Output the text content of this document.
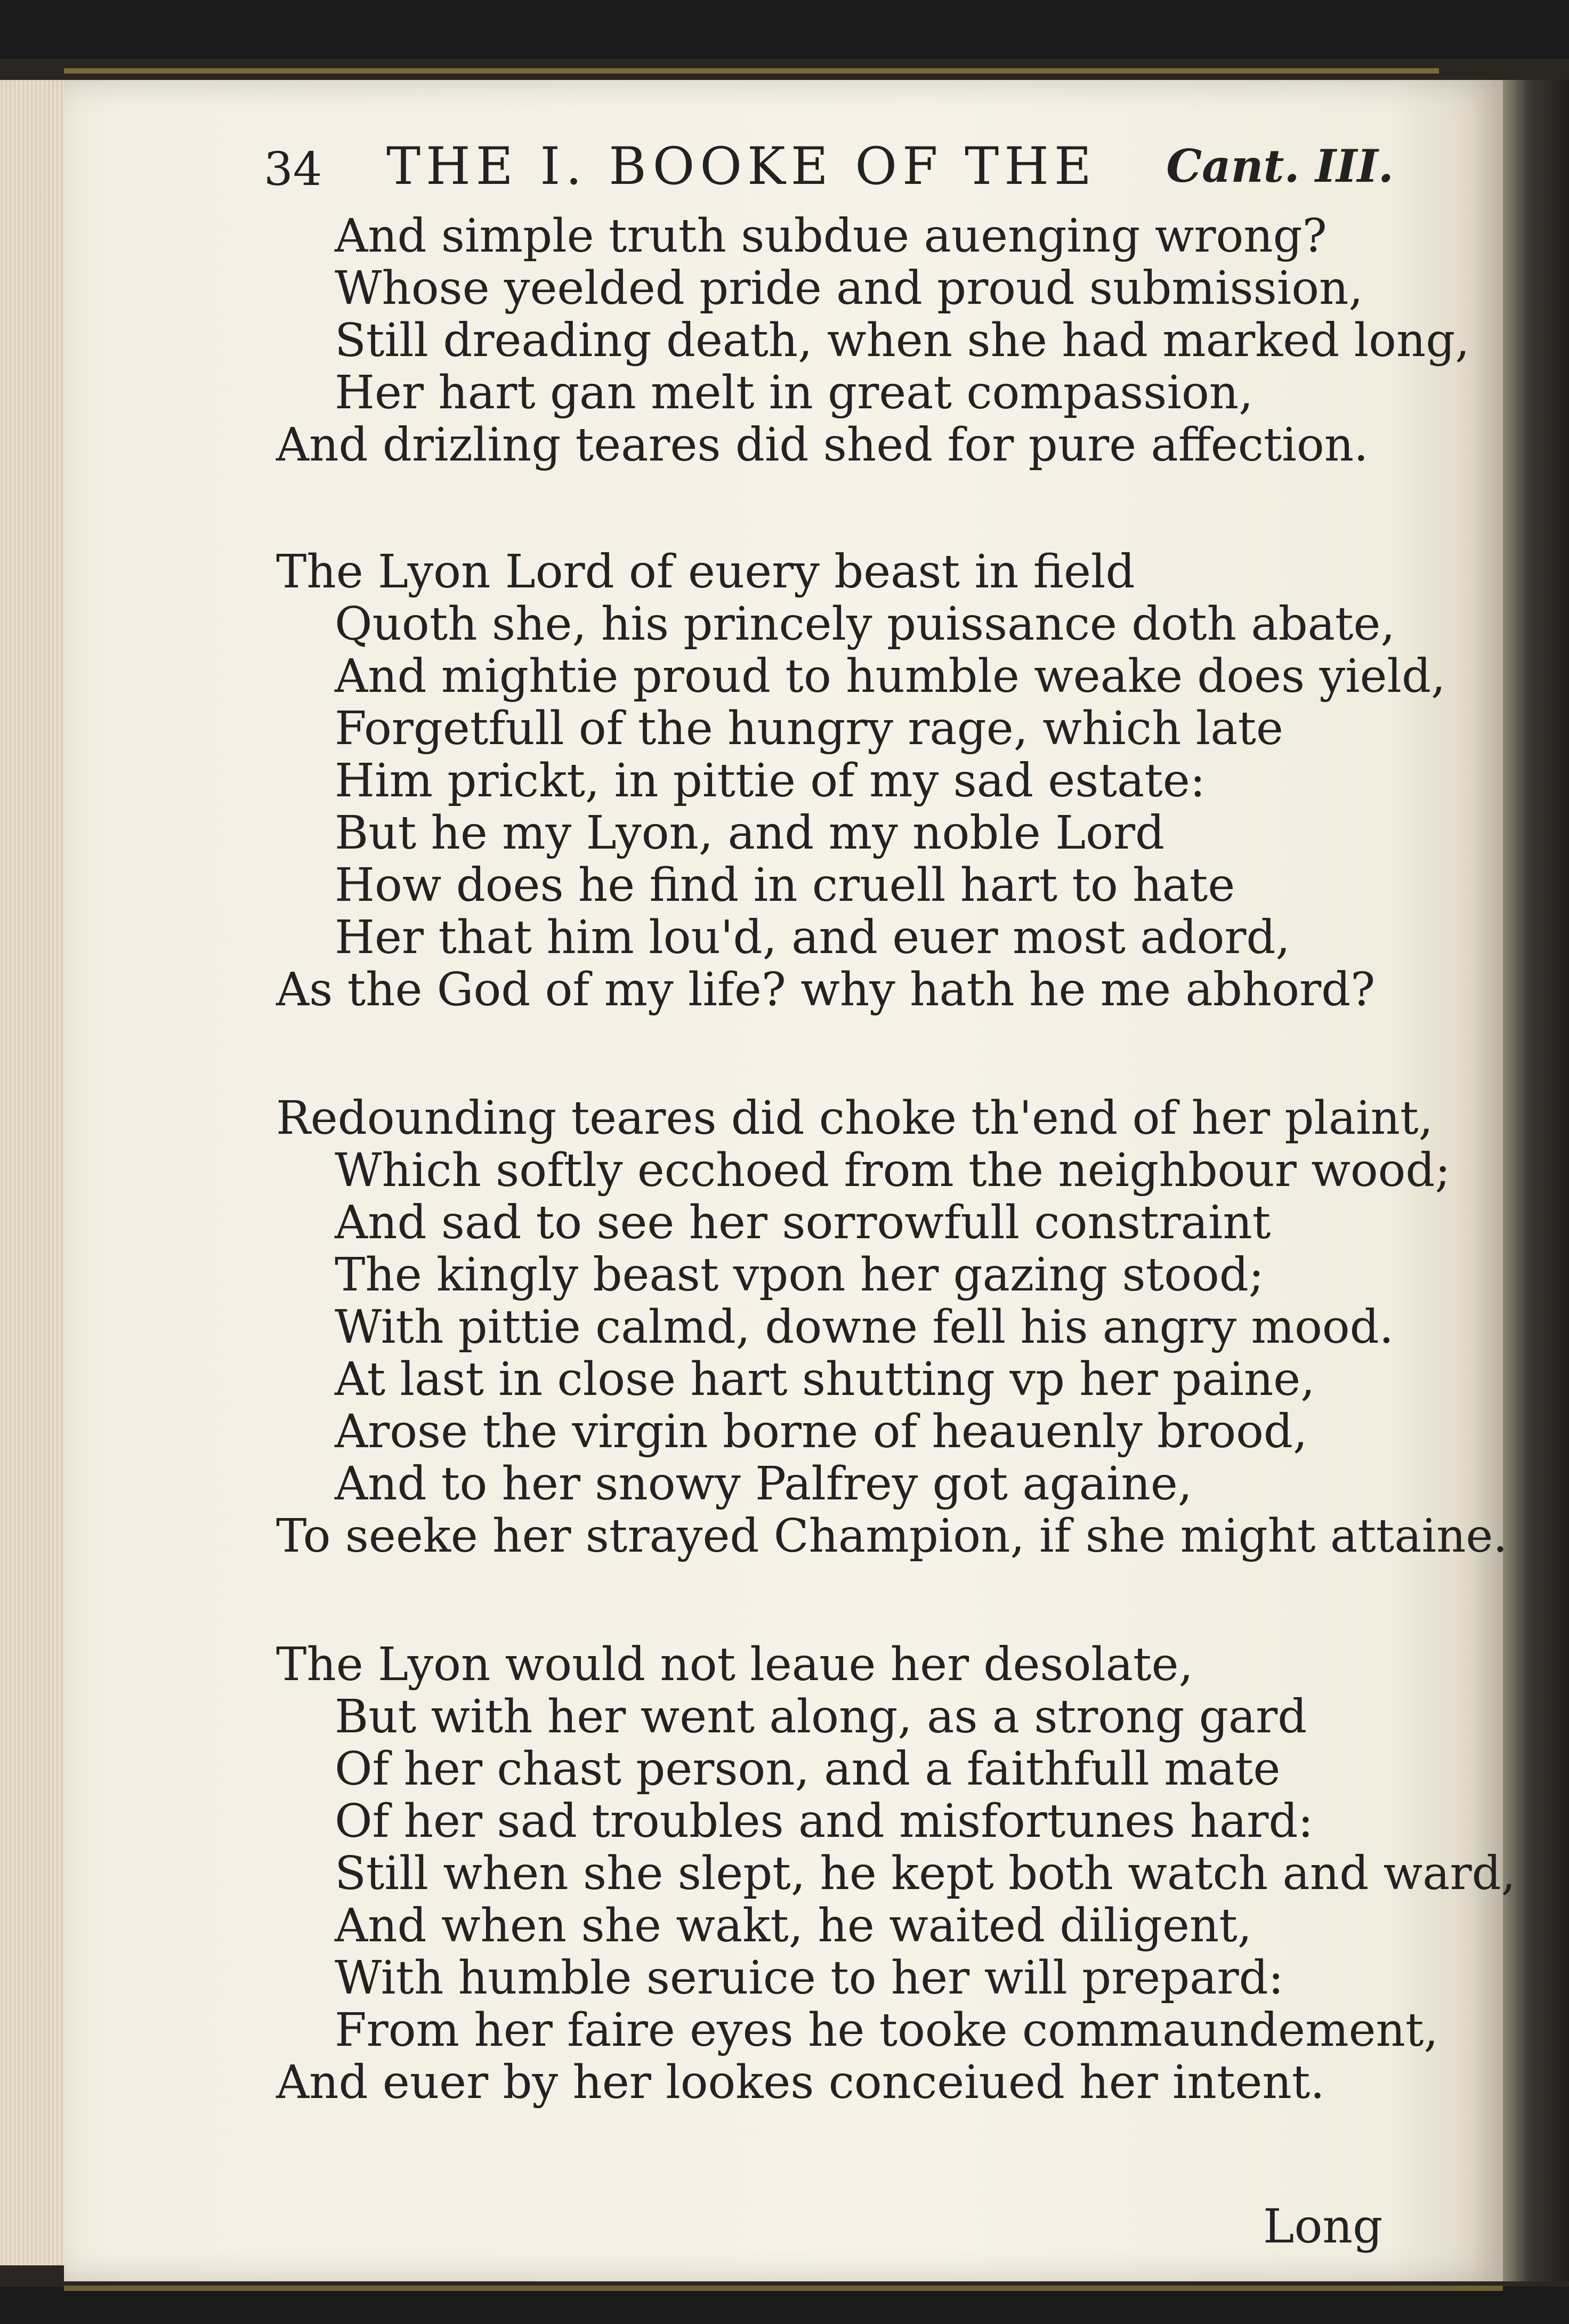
34 THE I. BOOKE OF THE Cant. III.
And simple truth subdue auenging wrong?
Whose yeelded pride and proud submission,
Still dreading death, when she had marked long,
Her hart gan melt in great compassion,
And drizling teares did shed for pure affection.
The Lyon Lord of euery beast in field
Quoth she, his princely puissance doth abate,
And mightie proud to humble weake does yield,
Forgetfull of the hungry rage, which late
Him prickt, in pittie of my sad estate:
But he my Lyon, and my noble Lord
How does he find in cruell hart to hate
Her that him lou'd, and euer most adord,
As the God of my life? why hath he me abhord?
Redounding teares did choke th'end of her plaint,
Which softly ecchoed from the neighbour wood;
And sad to see her sorrowfull constraint
The kingly beast vpon her gazing stood;
With pittie calmd, downe fell his angry mood.
At last in close hart shutting vp her paine,
Arose the virgin borne of heauenly brood,
And to her snowy Palfrey got againe,
To seeke her strayed Champion, if she might attaine.
The Lyon would not leaue her desolate,
But with her went along, as a strong gard
Of her chast person, and a faithfull mate
Of her sad troubles and misfortunes hard:
Still when she slept, he kept both watch and ward,
And when she wakt, he waited diligent,
With humble seruice to her will prepard:
From her faire eyes he tooke commaundement,
And euer by her lookes conceiued her intent.
Long
